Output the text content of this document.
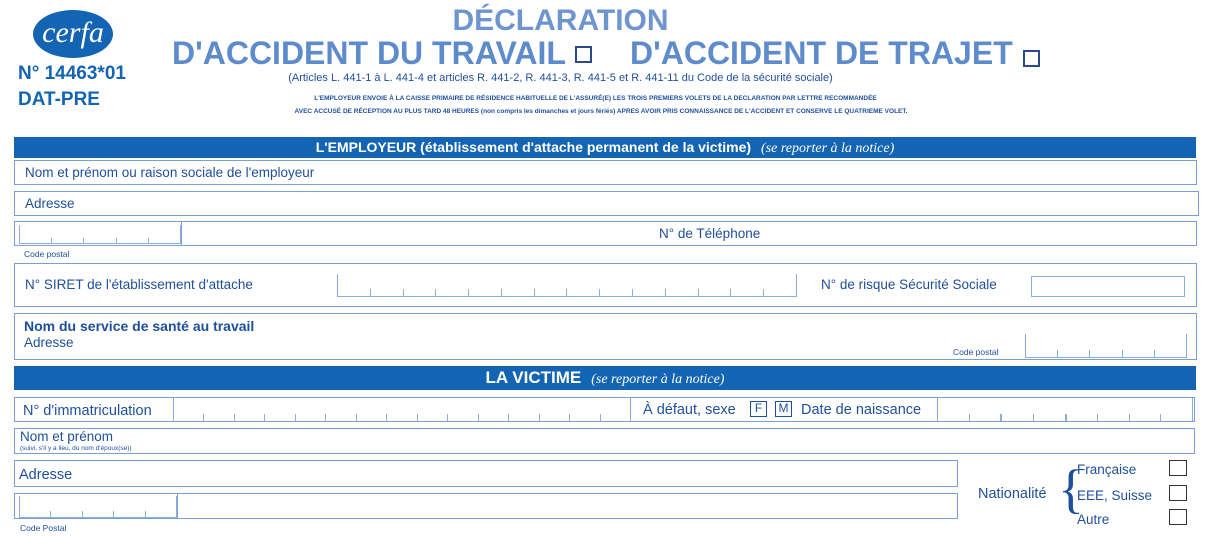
cerfa
N° 14463*01
DAT-PRE
DÉCLARATION
D'ACCIDENT DU TRAVAIL D'ACCIDENT DE TRAJET
(Articles L. 441-1 à L. 441-4 et articles R. 441-2, R. 441-3, R. 441-5 et R. 441-11 du Code de la sécurité sociale)
L'EMPLOYEUR ENVOIE À LA CAISSE PRIMAIRE DE RÉSIDENCE HABITUELLE DE L'ASSURÉ(E) LES TROIS PREMIERS VOLETS DE LA DECLARATION PAR LETTRE RECOMMANDÉE
AVEC ACCUSÉ DE RÉCEPTION AU PLUS TARD 48 HEURES (non compris les dimanches et jours fériés) APRES AVOIR PRIS CONNAISSANCE DE L'ACCIDENT ET CONSERVE LE QUATRIEME VOLET.
L'EMPLOYEUR (établissement d'attache permanent de la victime) (se reporter à la notice)
Nom et prénom ou raison sociale de l'employeur
Adresse
N° de Téléphone
Code postal
N° SIRET de l'établissement d'attache	N° de risque Sécurité Sociale
Nom du service de santé au travail
Adresse
Code postal
LA VICTIME (se reporter à la notice)
N° d'immatriculation	À défaut, sexe	F	M Date de naissance
Nom et prénom
(suivi, s'il y a lieu, du nom d'époux(se))
Adresse
Code Postal
Nationalité {
Française
EEE, Suisse
Autre
